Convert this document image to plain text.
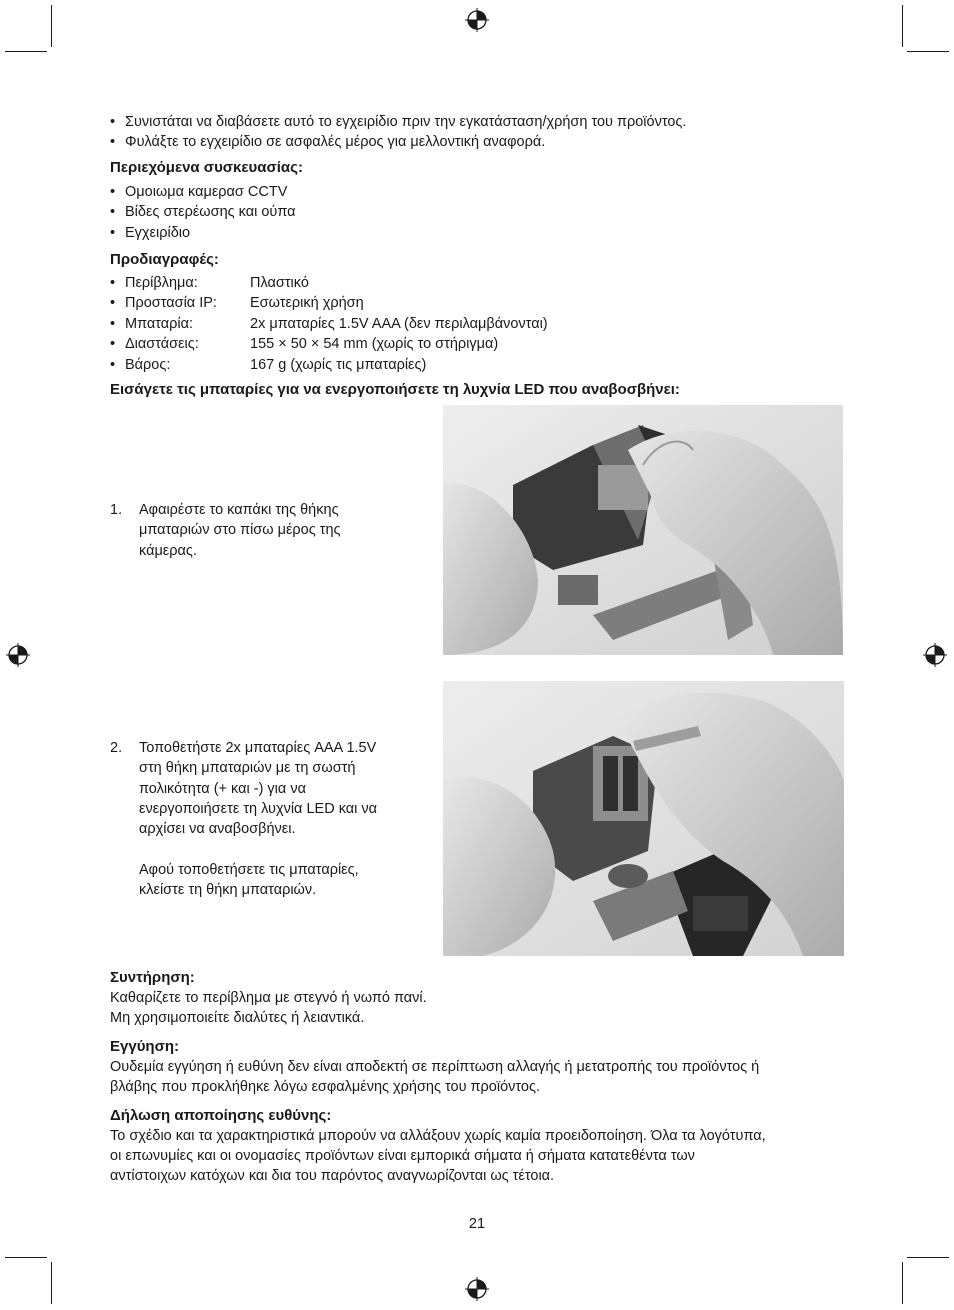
• Συνιστάται να διαβάσετε αυτό το εγχειρίδιο πριν την εγκατάσταση/χρήση του προϊόντος.
• Φυλάξτε το εγχειρίδιο σε ασφαλές μέρος για μελλοντική αναφορά.
Περιεχόμενα συσκευασίας:
• Ομοιωμα καμερασ CCTV
• Βίδες στερέωσης και ούπα
• Εγχειρίδιο
Προδιαγραφές:
• Περίβλημα:	Πλαστικό
• Προστασία IP: Εσωτερική χρήση
• Μπαταρία:	2x μπαταρίες 1.5V AAA (δεν περιλαμβάνονται)
• Διαστάσεις:	155 × 50 × 54 mm (χωρίς το στήριγμα)
• Βάρος:	167 g (χωρίς τις μπαταρίες)
Εισάγετε τις μπαταρίες για να ενεργοποιήσετε τη λυχνία LED που αναβοσβήνει:
1. Αφαιρέστε το καπάκι της θήκης

μπαταριών στο πίσω μέρος της

κάμερας.

2. Τοποθετήστε 2x μπαταρίες AAA 1.5V

στη θήκη μπαταριών με τη σωστή

πολικότητα (+ και -) για να

ενεργοποιήσετε τη λυχνία LED και να

αρχίσει να αναβοσβήνει.

Αφού τοποθετήσετε τις μπαταρίες,

κλείστε τη θήκη μπαταριών.

Συντήρηση:

Καθαρίζετε το περίβλημα με στεγνό ή νωπό πανί.

Μη χρησιμοποιείτε διαλύτες ή λειαντικά.

Εγγύηση:

Ουδεμία εγγύηση ή ευθύνη δεν είναι αποδεκτή σε περίπτωση αλλαγής ή μετατροπής του προϊόντος ή

βλάβης που προκλήθηκε λόγω εσφαλμένης χρήσης του προϊόντος.

Δήλωση αποποίησης ευθύνης:

Το σχέδιο και τα χαρακτηριστικά μπορούν να αλλάξουν χωρίς καμία προειδοποίηση. Όλα τα λογότυπα,

οι επωνυμίες και οι ονομασίες προϊόντων είναι εμπορικά σήματα ή σήματα κατατεθέντα των

αντίστοιχων κατόχων και δια του παρόντος αναγνωρίζονται ως τέτοια.

21
